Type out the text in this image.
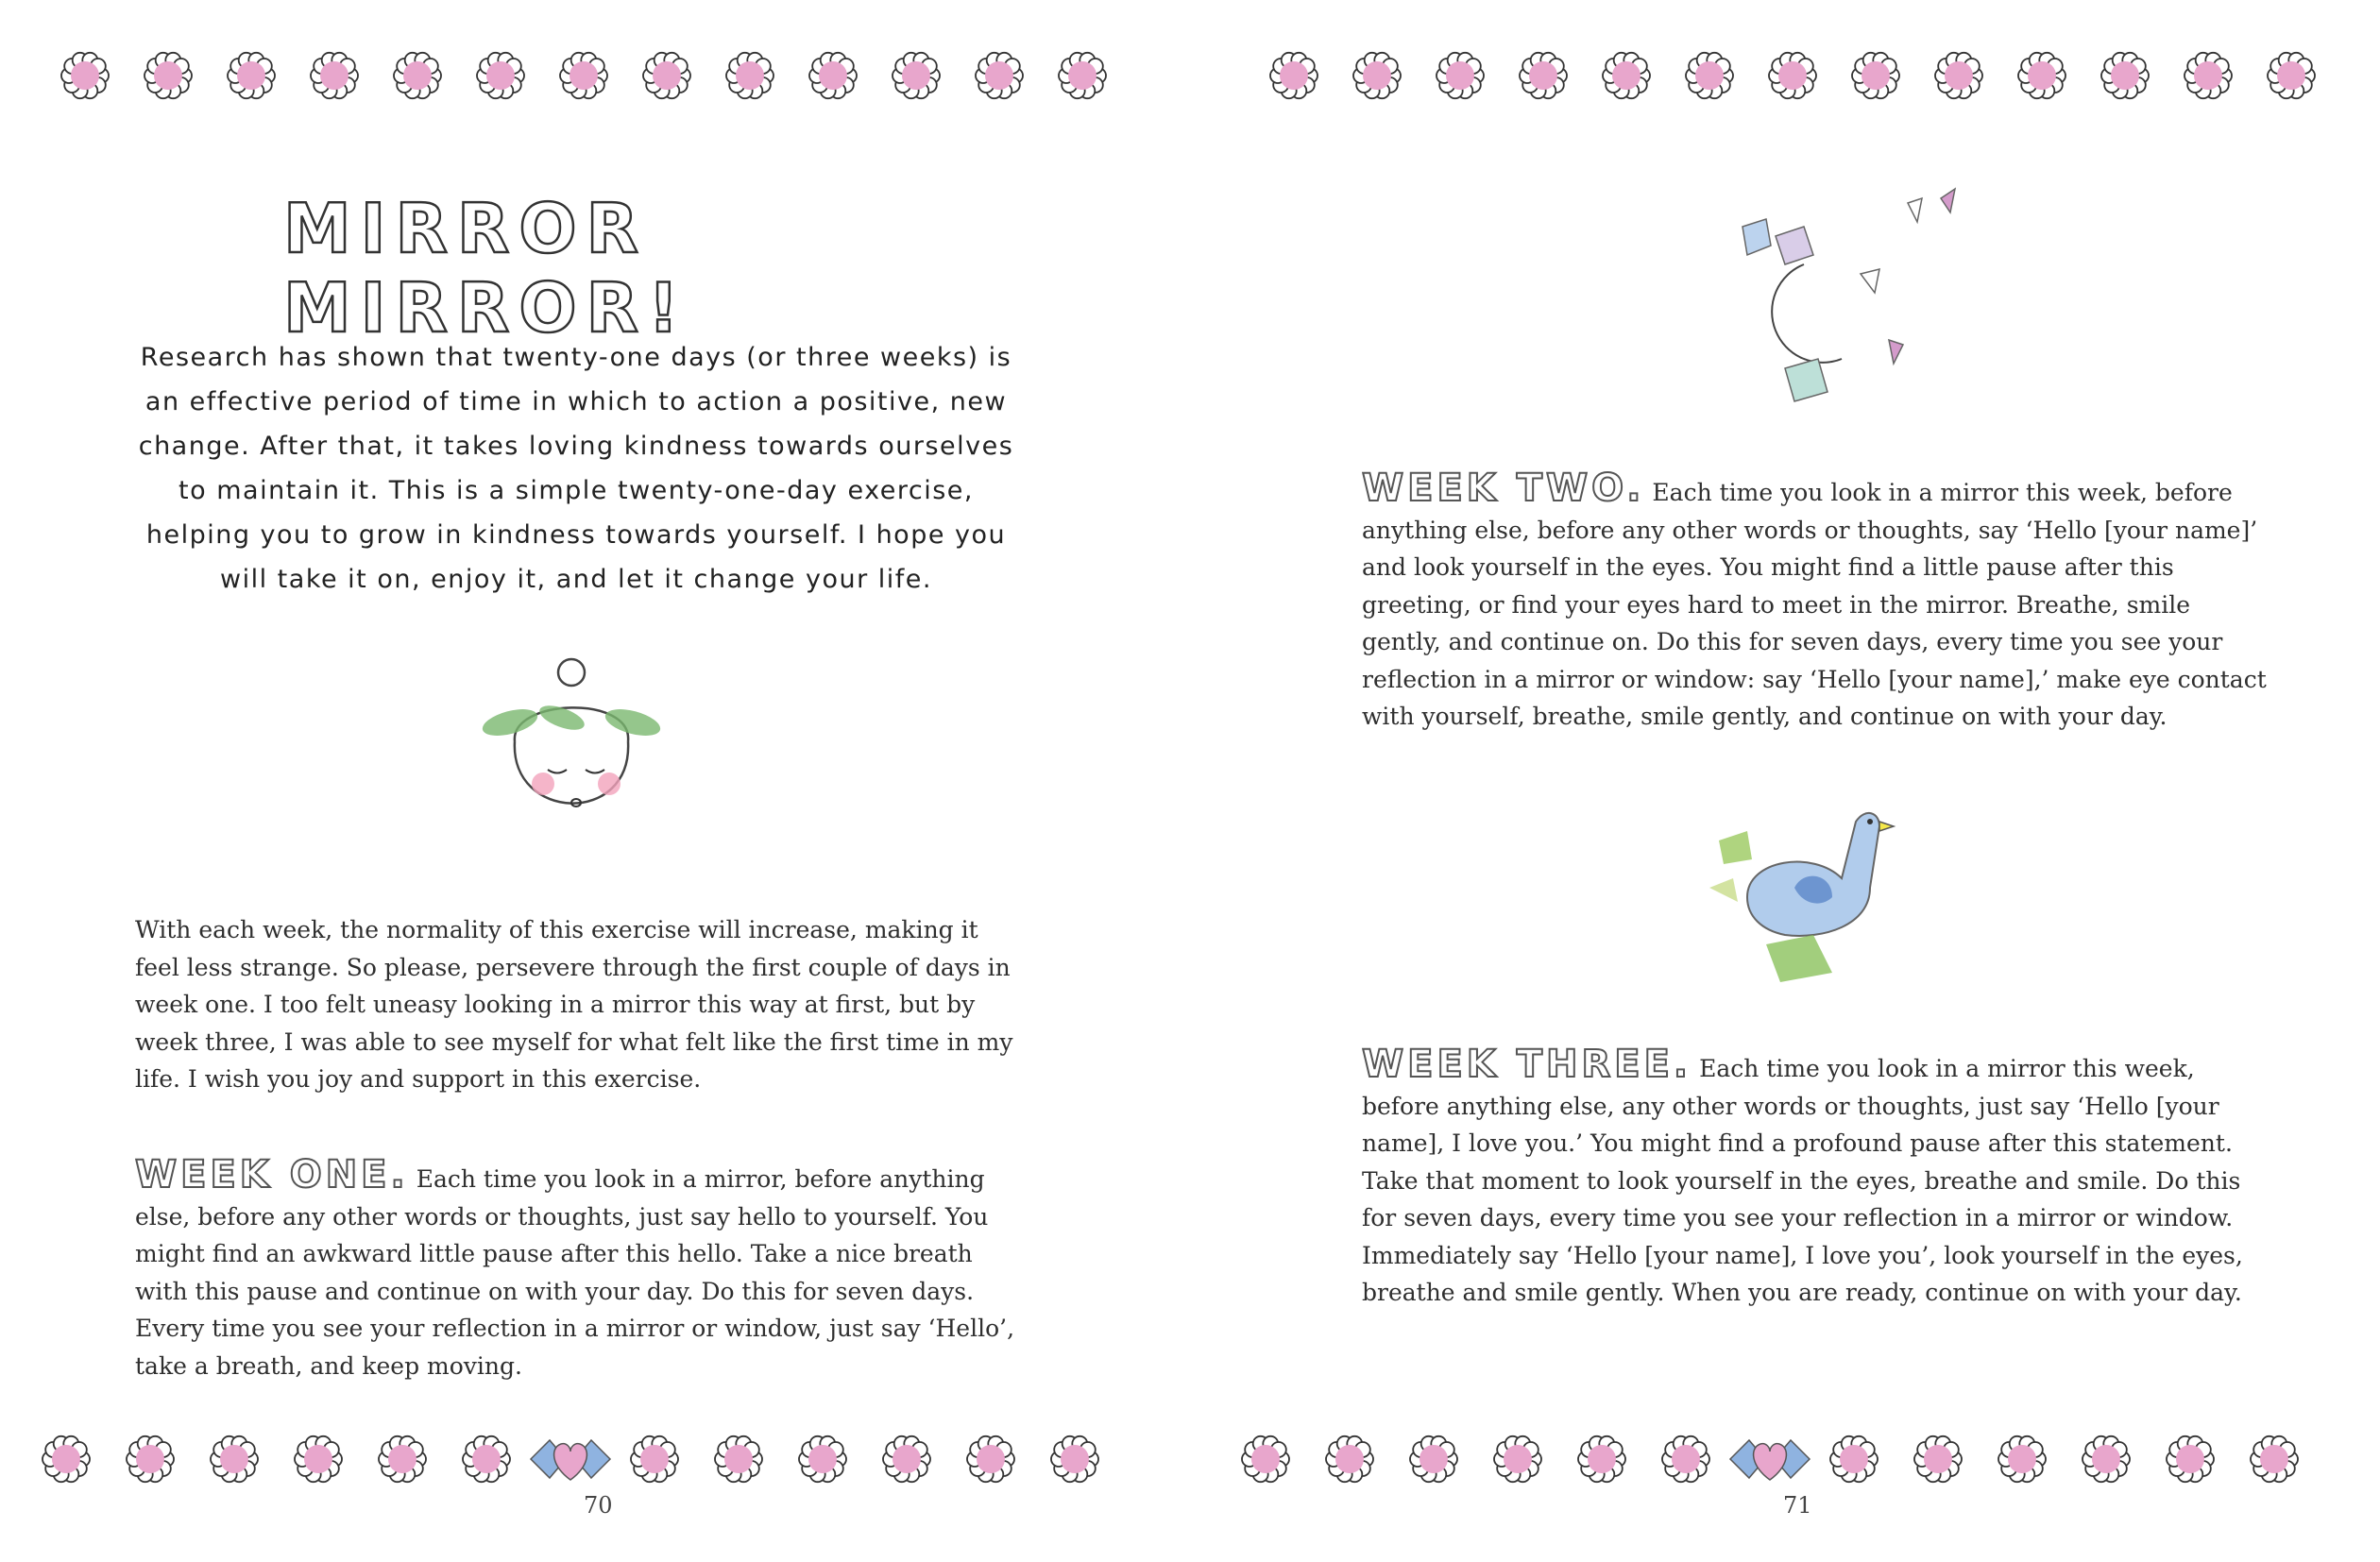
MIRROR MIRROR!
Research has shown that twenty-one days (or three weeks) is an effective period of time in which to action a positive, new change. After that, it takes loving kindness towards ourselves to maintain it. This is a simple twenty-one-day exercise, helping you to grow in kindness towards yourself. I hope you will take it on, enjoy it, and let it change your life.
With each week, the normality of this exercise will increase, making it feel less strange. So please, persevere through the first couple of days in week one. I too felt uneasy looking in a mirror this way at first, but by week three, I was able to see myself for what felt like the first time in my life. I wish you joy and support in this exercise.
WEEK ONE. Each time you look in a mirror, before anything else, before any other words or thoughts, just say hello to yourself. You might find an awkward little pause after this hello. Take a nice breath with this pause and continue on with your day. Do this for seven days. Every time you see your reflection in a mirror or window, just say ‘Hello’, take a breath, and keep moving.
70
WEEK TWO. Each time you look in a mirror this week, before anything else, before any other words or thoughts, say ‘Hello [your name]’ and look yourself in the eyes. You might find a little pause after this greeting, or find your eyes hard to meet in the mirror. Breathe, smile gently, and continue on. Do this for seven days, every time you see your reflection in a mirror or window: say ‘Hello [your name],’ make eye contact with yourself, breathe, smile gently, and continue on with your day.
WEEK THREE. Each time you look in a mirror this week, before anything else, any other words or thoughts, just say ‘Hello [your name], I love you.’ You might find a profound pause after this statement. Take that moment to look yourself in the eyes, breathe and smile. Do this for seven days, every time you see your reflection in a mirror or window. Immediately say ‘Hello [your name], I love you’, look yourself in the eyes, breathe and smile gently. When you are ready, continue on with your day.
71
